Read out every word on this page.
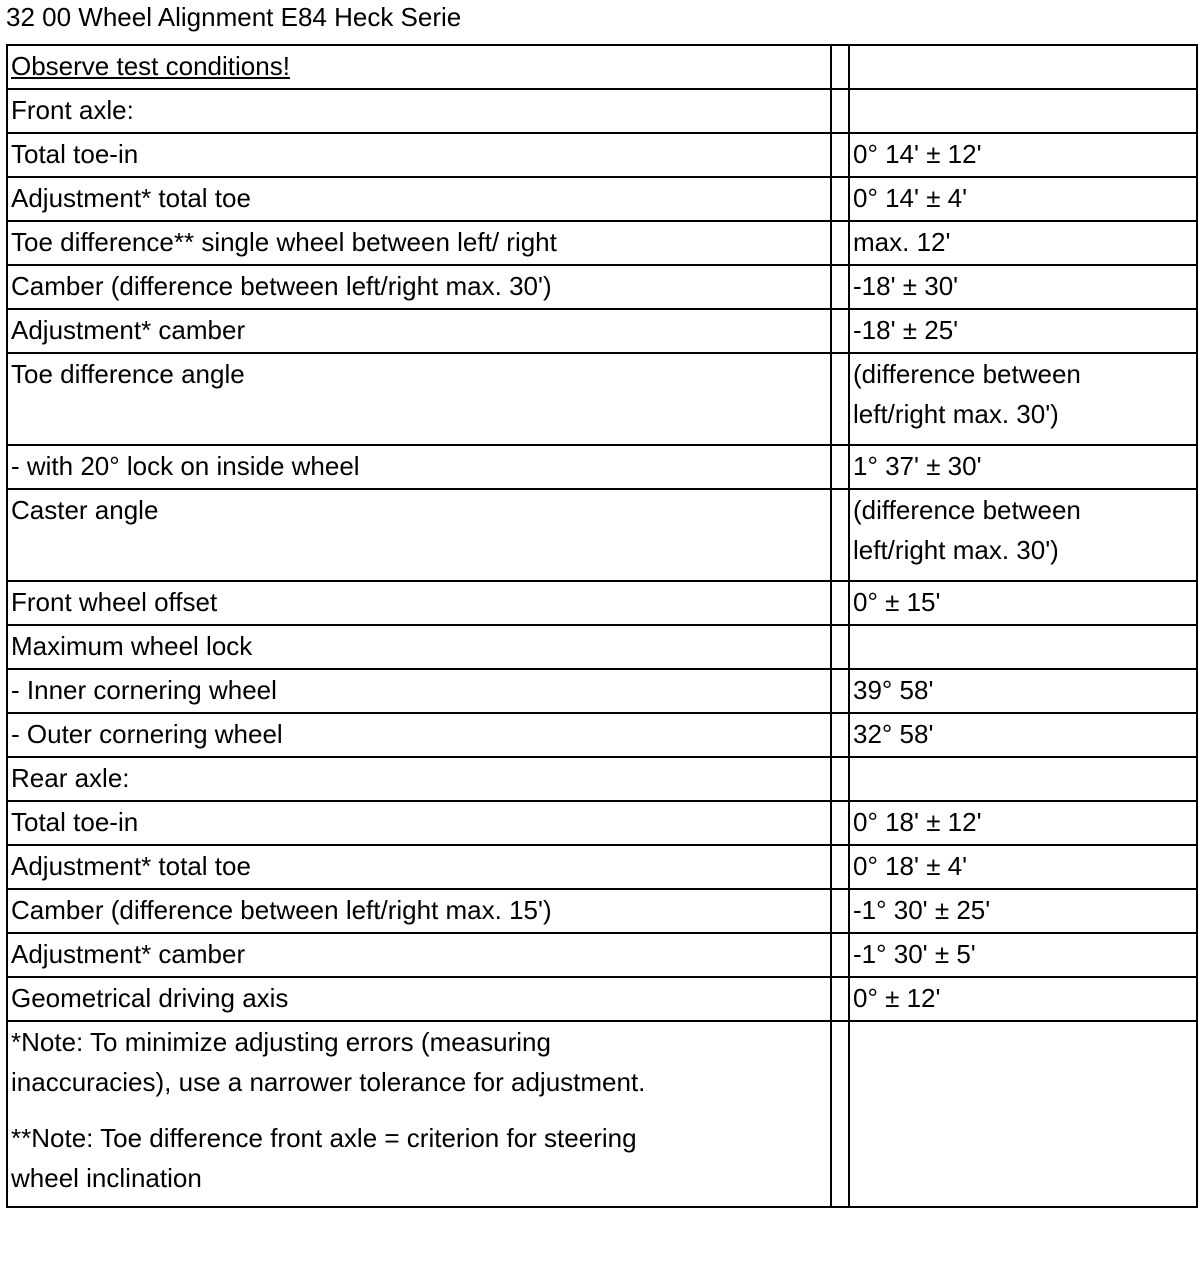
32 00 Wheel Alignment E84 Heck Serie
Observe test conditions!		
Front axle:		
Total toe-in		0° 14' ± 12'
Adjustment* total toe		0° 14' ± 4'
Toe difference** single wheel between left/ right		max. 12'
Camber (difference between left/right max. 30')		-18' ± 30'
Adjustment* camber		-18' ± 25'
Toe difference angle		(difference between
left/right max. 30')

- with 20° lock on inside wheel		1° 37' ± 30'
Caster angle		(difference between
left/right max. 30')

Front wheel offset		0° ± 15'
Maximum wheel lock		
- Inner cornering wheel		39° 58'
- Outer cornering wheel		32° 58'
Rear axle:		
Total toe-in		0° 18' ± 12'
Adjustment* total toe		0° 18' ± 4'
Camber (difference between left/right max. 15')		-1° 30' ± 25'
Adjustment* camber		-1° 30' ± 5'
Geometrical driving axis		0° ± 12'

*Note: To minimize adjusting errors (measuring
inaccuracies), use a narrower tolerance for adjustment.
**Note: Toe difference front axle = criterion for steering
wheel inclination		
